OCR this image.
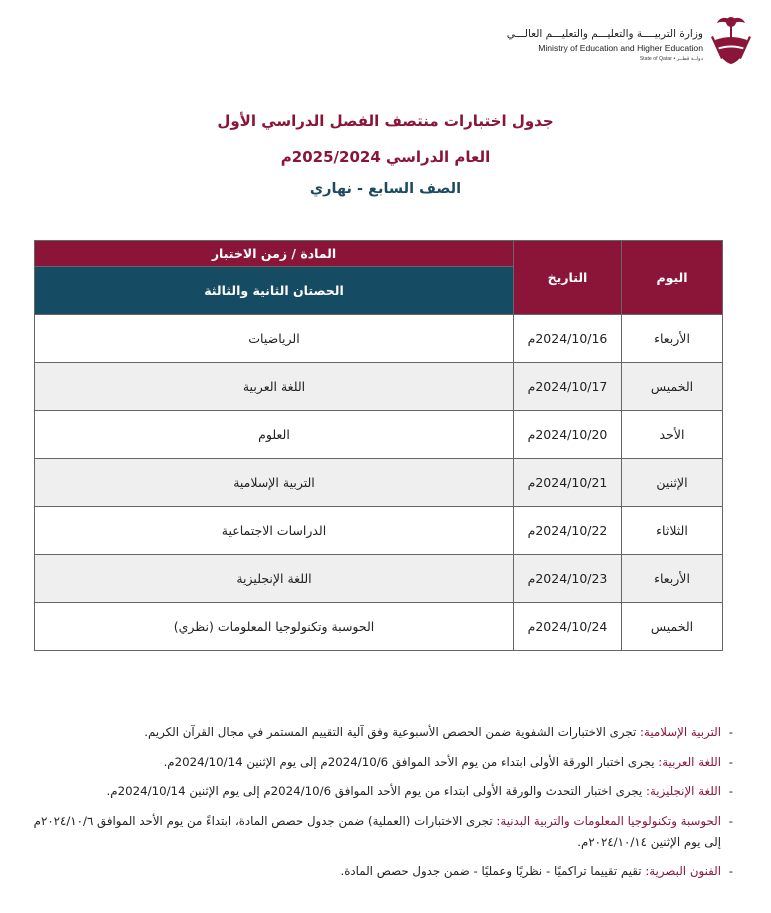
وزارة التربيــــة والتعليـــم والتعليـــم العالـــي
Ministry of Education and Higher Education
State of Qatar • دولــة قطــر
جدول اختبارات منتصف الفصل الدراسي الأول
العام الدراسي 2025/2024م
الصف السابع - نهاري
اليوم	التاريخ	المادة / زمن الاختبار
		الحصتان الثانية والثالثة
الأربعاء	2024/10/16م	الرياضيات
الخميس	2024/10/17م	اللغة العربية
الأحد	2024/10/20م	العلوم
الإثنين	2024/10/21م	التربية الإسلامية
الثلاثاء	2024/10/22م	الدراسات الاجتماعية
الأربعاء	2024/10/23م	اللغة الإنجليزية
الخميس	2024/10/24م	الحوسبة وتكنولوجيا المعلومات (نظري)

- التربية الإسلامية: تجرى الاختبارات الشفوية ضمن الحصص الأسبوعية وفق آلية التقييم المستمر في مجال القرآن الكريم.

- اللغة العربية: يجرى اختبار الورقة الأولى ابتداء من يوم الأحد الموافق 2024/10/6م إلى يوم الإثنين 2024/10/14م.

- اللغة الإنجليزية: يجرى اختبار التحدث والورقة الأولى ابتداء من يوم الأحد الموافق 2024/10/6م إلى يوم الإثنين 2024/10/14م.

- الحوسبة وتكنولوجيا المعلومات والتربية البدنية: تجرى الاختبارات (العملية) ضمن جدول حصص المادة، ابتداءً من يوم الأحد الموافق ٢٠٢٤/١٠/٦م إلى يوم الإثنين ٢٠٢٤/١٠/١٤م.

- الفنون البصرية: تقيم تقييما تراكميًا - نظريًا وعمليًا - ضمن جدول حصص المادة.
